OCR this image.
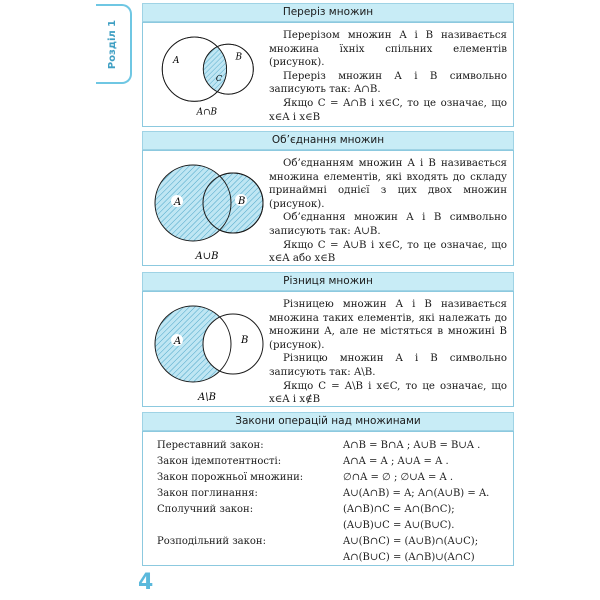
Розділ 1
Переріз множин
A	B
C
A∩B

Перерізом множин A і B називається множина їхніх спільних елементів (рисунок).

Переріз множин A і B символьно записують так: A∩B.

Якщо C = A∩B і x∈C, то це означає, що x∈A і x∈B

Об’єднання множин
A	B
A∪B

Об’єднанням множин A і B називається множина елементів, які входять до складу принаймні однієї з цих двох множин (рисунок).

Об’єднання множин A і B символьно записують так: A∪B.

Якщо C = A∪B і x∈C, то це означає, що x∈A або x∈B

Різниця множин
A	B
A\B

Різницею множин A і B називається множина таких елементів, які належать до множини A, але не містяться в множині B (рисунок).

Різницю множин A і B символьно записують так: A\B.

Якщо C = A\B і x∈C, то це означає, що x∈A і x∉B

Закони операцій над множинами
Переставний закон:	A∩B = B∩A ; A∪B = B∪A .
Закон ідемпотентності:	A∩A = A ; A∪A = A .
Закон порожньої множини:	∅∩A = ∅ ; ∅∪A = A .
Закон поглинання:	A∪(A∩B) = A; A∩(A∪B) = A.
Сполучний закон:	(A∩B)∩C = A∩(B∩C);
(A∪B)∪C = A∪(B∪C).
Розподільний закон:	A∪(B∩C) = (A∪B)∩(A∪C);
A∩(B∪C) = (A∩B)∪(A∩C)
4
